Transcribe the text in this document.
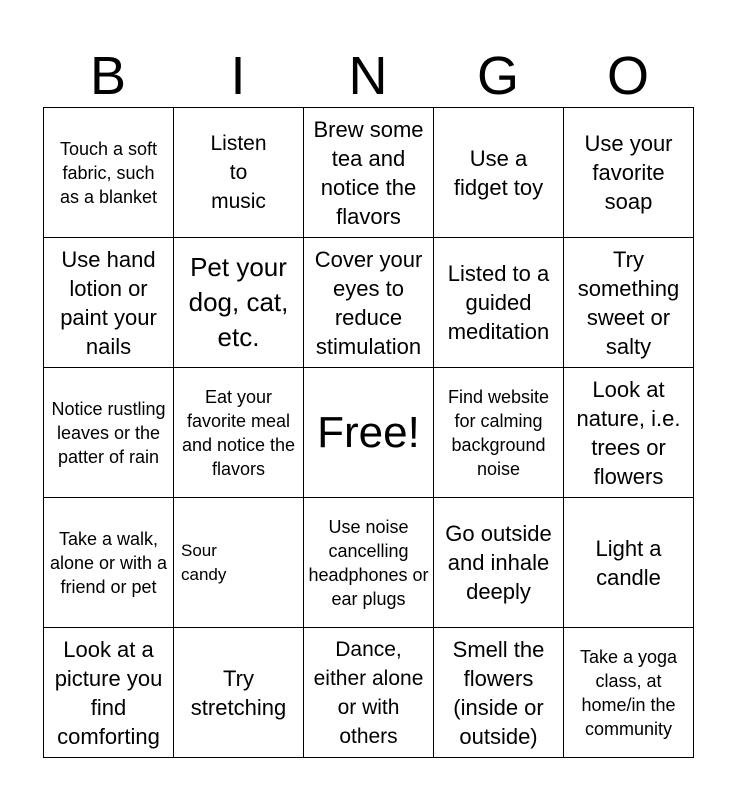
B	I	N	G	O
Touch a soft fabric, such as a blanket	Listen to music	Brew some tea and notice the flavors	Use a fidget toy	Use your favorite soap

Use hand lotion or paint your nails	Pet your dog, cat, etc.	Cover your eyes to reduce stimulation	Listed to a guided meditation	Try something sweet or salty

Notice rustling leaves or the patter of rain	Eat your favorite meal and notice the flavors	Free!	Find website for calming background noise	Look at nature, i.e. trees or flowers

Take a walk, alone or with a friend or pet	Sour candy	Use noise cancelling headphones or ear plugs	Go outside and inhale deeply	Light a candle

Look at a picture you find comforting	Try stretching	Dance, either alone or with others	Smell the flowers (inside or outside)	Take a yoga class, at home/in the community
